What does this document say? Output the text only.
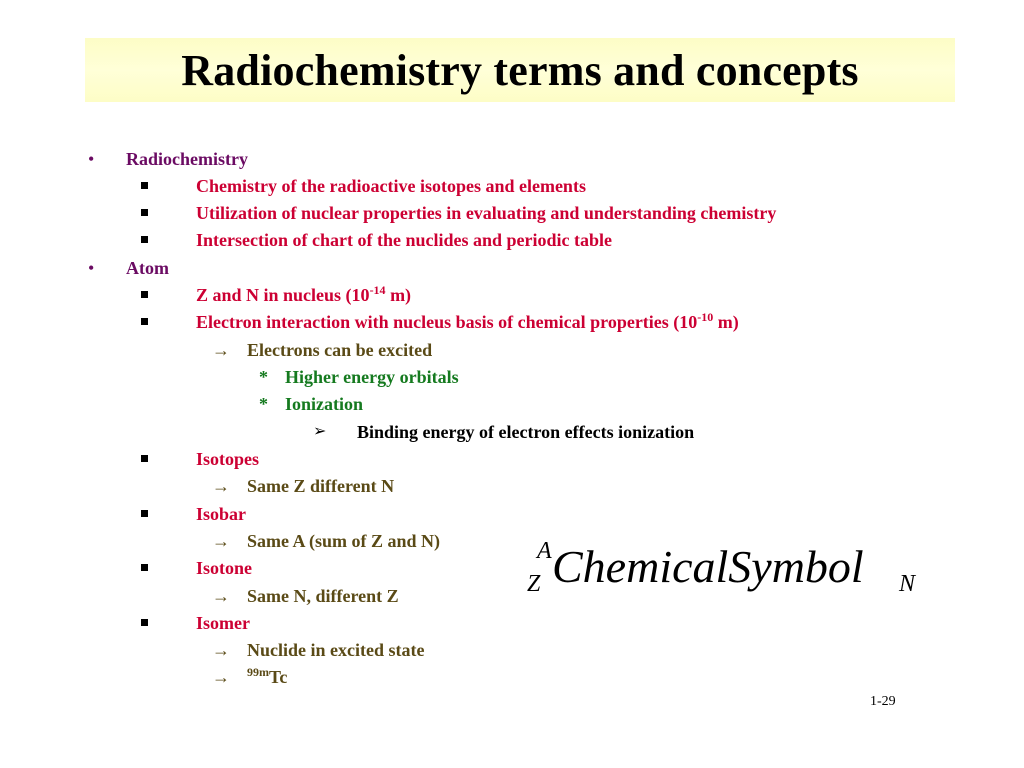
Radiochemistry terms and concepts
• Radiochemistry
Chemistry of the radioactive isotopes and elements
Utilization of nuclear properties in evaluating and understanding chemistry
Intersection of chart of the nuclides and periodic table
• Atom
Z and N in nucleus ($10^{-14}$ m)
Electron interaction with nucleus basis of chemical properties ($10^{-10}$ m)
→ Electrons can be excited
* Higher energy orbitals
* Ionization
➢ Binding energy of electron effects ionization
Isotopes
→ Same Z different N
Isobar
→ Same A (sum of Z and N)
Isotone
→ Same N, different Z
Isomer
→ Nuclide in excited state
→ $^{99m}$Tc
A
Z ChemicalSymbol N
1-29
